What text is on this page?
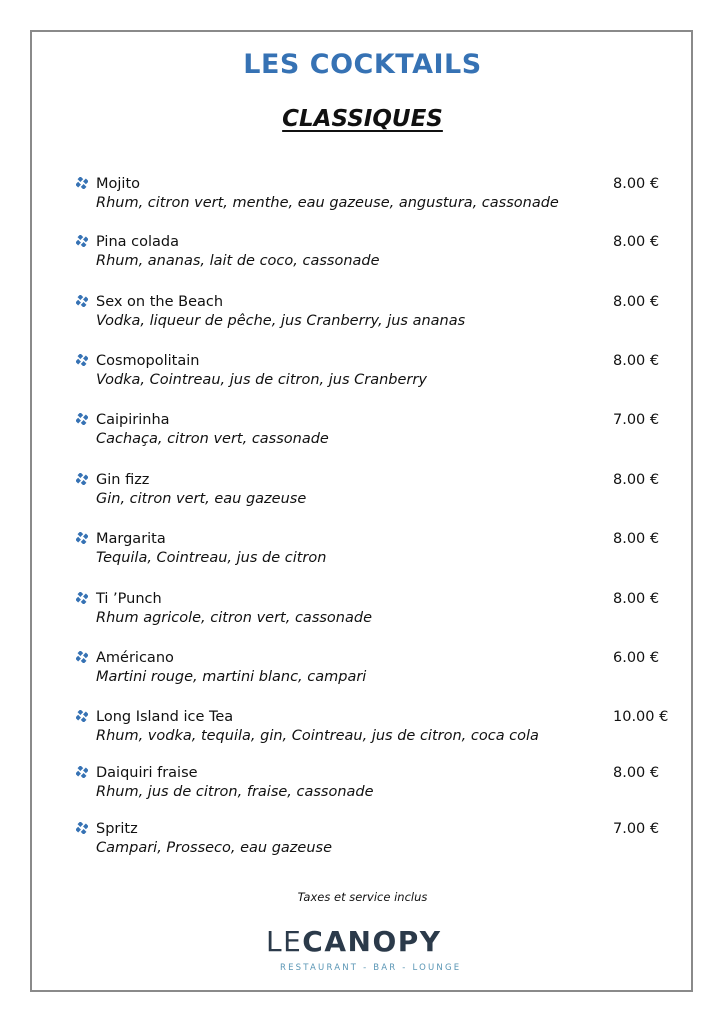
LES COCKTAILS
CLASSIQUES
Mojito
Rhum, citron vert, menthe, eau gazeuse, angustura, cassonade
8.00 €
Pina colada
Rhum, ananas, lait de coco, cassonade
8.00 €
Sex on the Beach
Vodka, liqueur de pêche, jus Cranberry, jus ananas
8.00 €
Cosmopolitain
Vodka, Cointreau, jus de citron, jus Cranberry
8.00 €
Caipirinha
Cachaça, citron vert, cassonade
7.00 €
Gin fizz
Gin, citron vert, eau gazeuse
8.00 €
Margarita
Tequila, Cointreau, jus de citron
8.00 €
Ti ’Punch
Rhum agricole, citron vert, cassonade
8.00 €
Américano
Martini rouge, martini blanc, campari
6.00 €
Long Island ice Tea
Rhum, vodka, tequila, gin, Cointreau, jus de citron, coca cola
10.00 €
Daiquiri fraise
Rhum, jus de citron, fraise, cassonade
8.00 €
Spritz
Campari, Prosseco, eau gazeuse
7.00 €
Taxes et service inclus
LECANOPY
RESTAURANT - BAR - LOUNGE
